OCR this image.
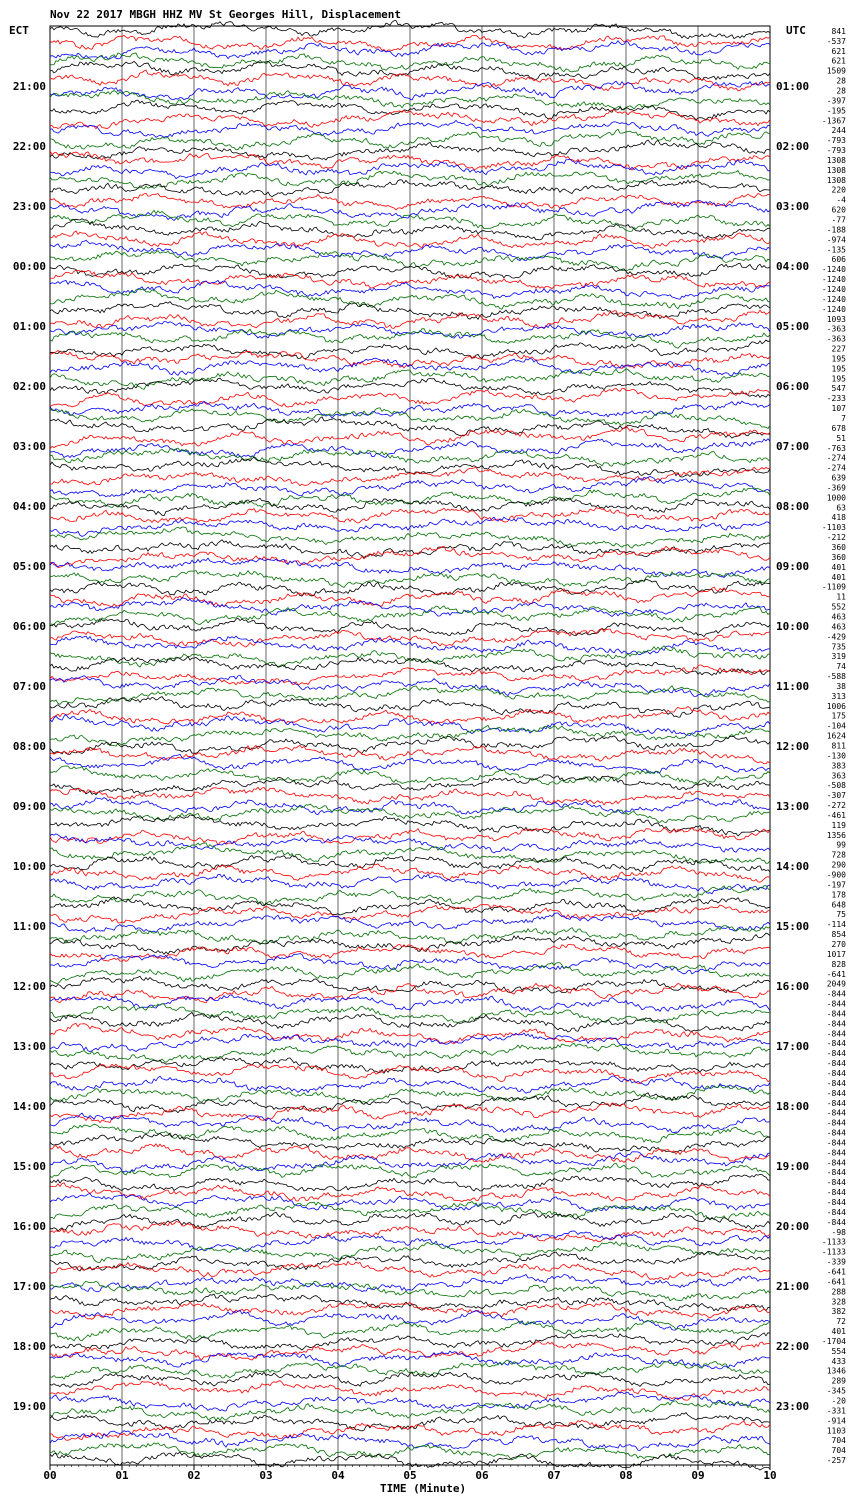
Nov 22 2017 MBGH HHZ MV St Georges Hill, Displacement
ECT	UTC
00	01	02	03	04	05	06	07	08	09	10
841
-537
621
621
1509
28
28
-397
-195
-1367
244
-793
-793
1308
1308
1308
220
-4
620
-77
-188
-974
-135
606
-1240
-1240
-1240
-1240
-1240
1093
-363
-363
227
195
195
195
547
-233
107
7
678
51
-763
-274
-274
639
-369
1000
63
418
-1103
-212
360
360
401
401
-1109
11
552
463
463
-429
735
319
74
-588
38
313
1006
175
-104
1624
811
-130
383
363
-508
-307
-272
-461
119
1356
99
728
290
-900
-197
178
648
75
-114
854
270
1017
828
-641
2049
-844
-844
-844
-844
-844
-844
-844
-844
-844
-844
-844
-844
-844
-844
-844
-844
-844
-844
-844
-844
-844
-844
-844
-844
-98
-1133
-1133
-339
-641
-641
288
328
382
72
401
-1704
554
433
1346
289
-345
-20
-331
-914
1103
704
704
-257
21:00
22:00
23:00
00:00
01:00
02:00
03:00
04:00
05:00
06:00
07:00
08:00
09:00
10:00
11:00
12:00
13:00
14:00
15:00
16:00
17:00
18:00
19:00
01:00
02:00
03:00
04:00
05:00
06:00
07:00
08:00
09:00
10:00
11:00
12:00
13:00
14:00
15:00
16:00
17:00
18:00
19:00
20:00
21:00
22:00
23:00
TIME (Minute)
